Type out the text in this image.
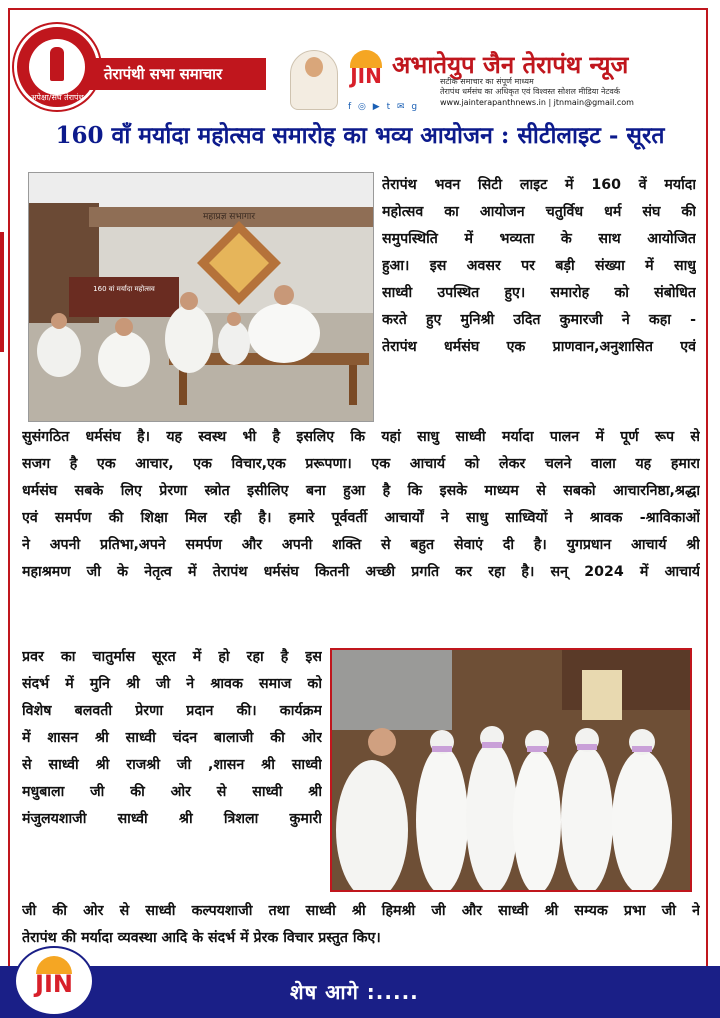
अपेक्षा/संघ तेरापंथ
तेरापंथी सभा समाचार	JIN अभातेयुप जैन तेरापंथ न्यूज
सटीक समाचार का संपूर्ण माध्यम
तेरापंथ धर्मसंघ का अधिकृत एवं विश्वस्त सोशल मीडिया नेटवर्क
f ◎ ▶ t ✉ g	www.jainterapanthnews.in | jtnmain@gmail.com
160 वाँ मर्यादा महोत्सव समारोह का भव्य आयोजन : सीटीलाइट - सूरत
160 वां मर्यादा महोत्सव
महाप्रज्ञ सभागार
तेरापंथ भवन सिटी लाइट में 160 वें मर्यादा
महोत्सव का आयोजन चतुर्विध धर्म संघ की
समुपस्थिति में भव्यता के साथ आयोजित
हुआ। इस अवसर पर बड़ी संख्या में साधु
साध्वी उपस्थित हुए। समारोह को संबोधित
करते हुए मुनिश्री उदित कुमारजी ने कहा -
तेरापंथ धर्मसंघ एक प्राणवान,अनुशासित एवं
सुसंगठित धर्मसंघ है। यह स्वस्थ भी है इसलिए कि यहां साधु साध्वी मर्यादा पालन में पूर्ण रूप से
सजग है एक आचार, एक विचार,एक प्ररूपणा। एक आचार्य को लेकर चलने वाला यह हमारा
धर्मसंघ सबके लिए प्रेरणा स्त्रोत इसीलिए बना हुआ है कि इसके माध्यम से सबको आचारनिष्ठा,श्रद्धा
एवं समर्पण की शिक्षा मिल रही है। हमारे पूर्ववर्ती आचार्यों ने साधु साध्वियों ने श्रावक -श्राविकाओं
ने अपनी प्रतिभा,अपने समर्पण और अपनी शक्ति से बहुत सेवाएं दी है। युगप्रधान आचार्य श्री
महाश्रमण जी के नेतृत्व में तेरापंथ धर्मसंघ कितनी अच्छी प्रगति कर रहा है। सन् 2024 में आचार्य
प्रवर का चातुर्मास सूरत में हो रहा है इस
संदर्भ में मुनि श्री जी ने श्रावक समाज को
विशेष बलवती प्रेरणा प्रदान की। कार्यक्रम
में शासन श्री साध्वी चंदन बालाजी की ओर
से साध्वी श्री राजश्री जी ,शासन श्री साध्वी
मधुबाला जी की ओर से साध्वी श्री
मंजुलयशाजी साध्वी श्री त्रिशला कुमारी
जी की ओर से साध्वी कल्पयशाजी तथा साध्वी श्री हिमश्री जी और साध्वी श्री सम्यक प्रभा जी ने
तेरापंथ की मर्यादा व्यवस्था आदि के संदर्भ में प्रेरक विचार प्रस्तुत किए।
शेष आगे :.....
JIN
